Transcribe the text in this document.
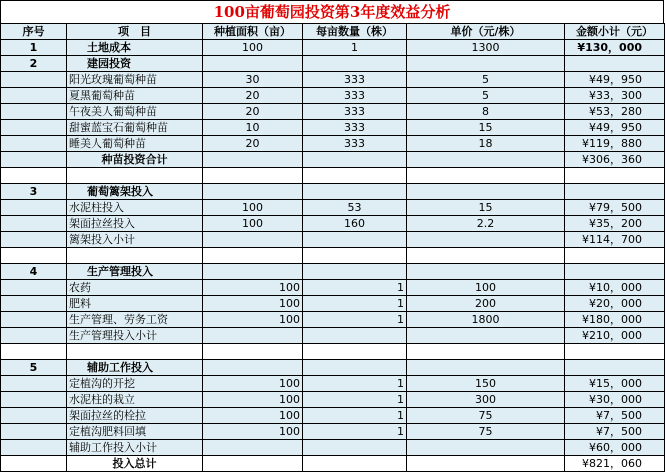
100亩葡萄园投资第3年度效益分析
序号	项　目	种植面积（亩）	每亩数量（株）	单价（元/株）	金额小计（元）
1	土地成本	100	1	1300	¥130，000
2	建园投资				
	阳光玫瑰葡萄种苗	30	333	5	¥49，950
	夏黑葡萄种苗	20	333	5	¥33，300
	午夜美人葡萄种苗	20	333	8	¥53，280
	甜蜜蓝宝石葡萄种苗	10	333	15	¥49，950
	睡美人葡萄种苗	20	333	18	¥119，880
	种苗投资合计				¥306，360

3	葡萄篱架投入				
	水泥柱投入	100	53	15	¥79，500
	架面拉丝投入	100	160	2.2	¥35，200
	篱架投入小计				¥114，700

4	生产管理投入				
	农药	100	1	100	¥10，000
	肥料	100	1	200	¥20，000
	生产管理、劳务工资	100	1	1800	¥180，000
	生产管理投入小计				¥210，000

5	辅助工作投入				
	定植沟的开挖	100	1	150	¥15，000
	水泥柱的栽立	100	1	300	¥30，000
	架面拉丝的栓拉	100	1	75	¥7，500
	定植沟肥料回填	100	1	75	¥7，500
	辅助工作投入小计				¥60，000
	投入总计				¥821，060
